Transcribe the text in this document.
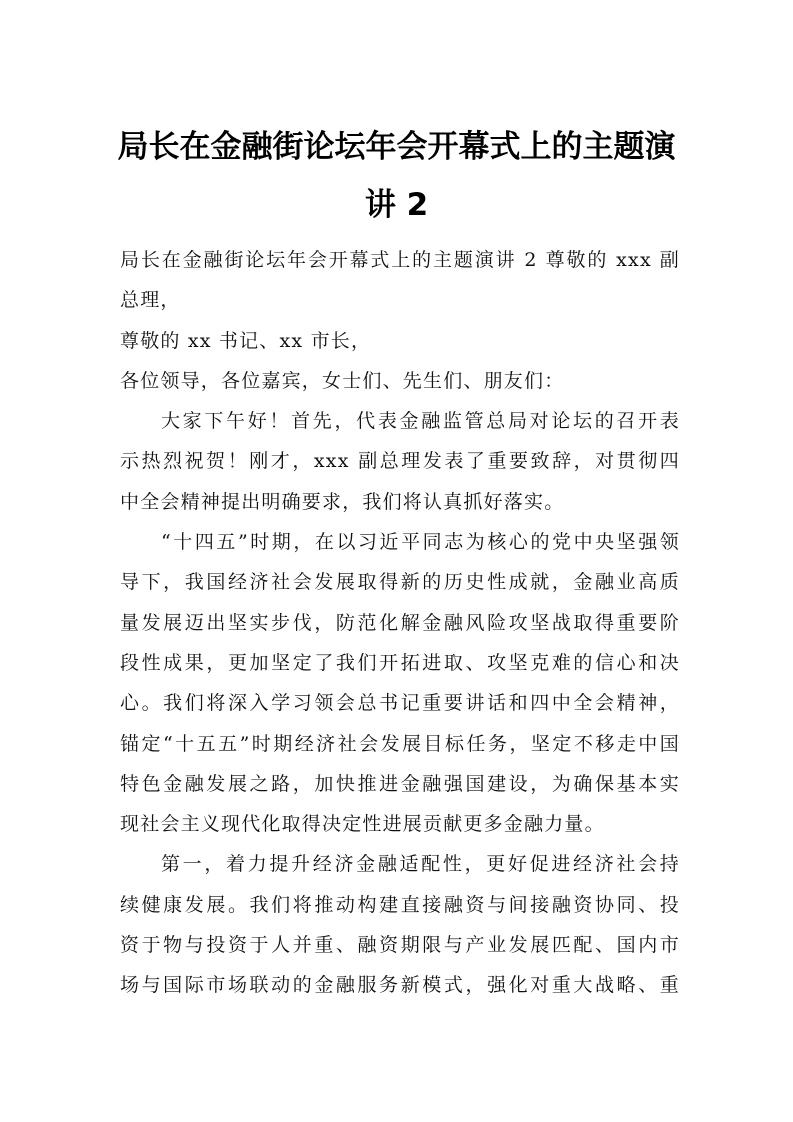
局长在金融街论坛年会开幕式上的主题演
讲 2

局长在金融街论坛年会开幕式上的主题演讲 2 尊敬的 xxx 副
总理，

尊敬的 xx 书记、xx 市长，

各位领导，各位嘉宾，女士们、先生们、朋友们：

大家下午好！首先，代表金融监管总局对论坛的召开表
示热烈祝贺！刚才，xxx 副总理发表了重要致辞，对贯彻四
中全会精神提出明确要求，我们将认真抓好落实。

“十四五”时期，在以习近平同志为核心的党中央坚强领
导下，我国经济社会发展取得新的历史性成就，金融业高质
量发展迈出坚实步伐，防范化解金融风险攻坚战取得重要阶
段性成果，更加坚定了我们开拓进取、攻坚克难的信心和决
心。我们将深入学习领会总书记重要讲话和四中全会精神，
锚定“十五五”时期经济社会发展目标任务，坚定不移走中国
特色金融发展之路，加快推进金融强国建设，为确保基本实
现社会主义现代化取得决定性进展贡献更多金融力量。

第一，着力提升经济金融适配性，更好促进经济社会持
续健康发展。我们将推动构建直接融资与间接融资协同、投
资于物与投资于人并重、融资期限与产业发展匹配、国内市
场与国际市场联动的金融服务新模式，强化对重大战略、重
